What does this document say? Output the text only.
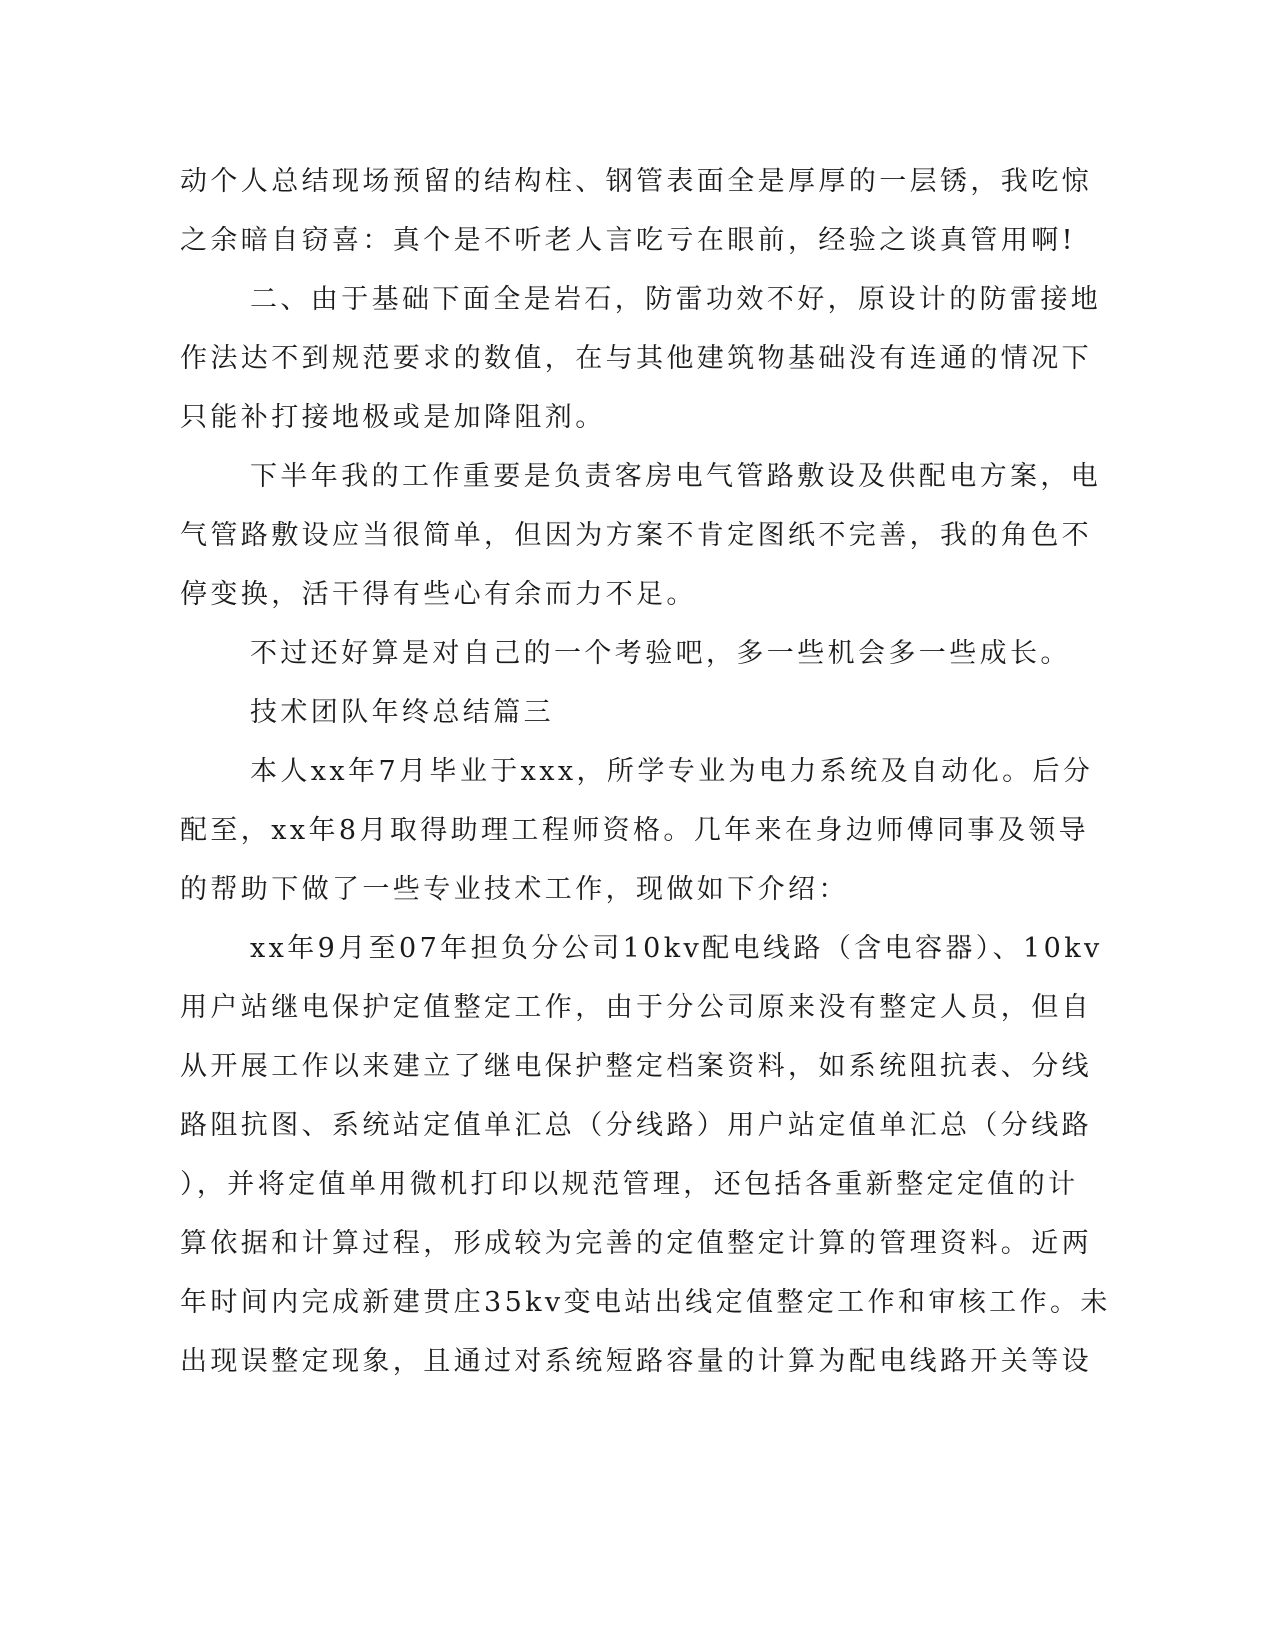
动个人总结现场预留的结构柱、钢管表面全是厚厚的一层锈，我吃惊
之余暗自窃喜：真个是不听老人言吃亏在眼前，经验之谈真管用啊!
二、由于基础下面全是岩石，防雷功效不好，原设计的防雷接地
作法达不到规范要求的数值，在与其他建筑物基础没有连通的情况下
只能补打接地极或是加降阻剂。
下半年我的工作重要是负责客房电气管路敷设及供配电方案，电
气管路敷设应当很简单，但因为方案不肯定图纸不完善，我的角色不
停变换，活干得有些心有余而力不足。
不过还好算是对自己的一个考验吧，多一些机会多一些成长。
技术团队年终总结篇三
本人xx年7月毕业于xxx，所学专业为电力系统及自动化。后分
配至，xx年8月取得助理工程师资格。几年来在身边师傅同事及领导
的帮助下做了一些专业技术工作，现做如下介绍：
xx年9月至07年担负分公司10kv配电线路（含电容器）、10kv
用户站继电保护定值整定工作，由于分公司原来没有整定人员，但自
从开展工作以来建立了继电保护整定档案资料，如系统阻抗表、分线
路阻抗图、系统站定值单汇总（分线路）用户站定值单汇总（分线路
），并将定值单用微机打印以规范管理，还包括各重新整定定值的计
算依据和计算过程，形成较为完善的定值整定计算的管理资料。近两
年时间内完成新建贯庄35kv变电站出线定值整定工作和审核工作。未
出现误整定现象，且通过对系统短路容量的计算为配电线路开关等设
